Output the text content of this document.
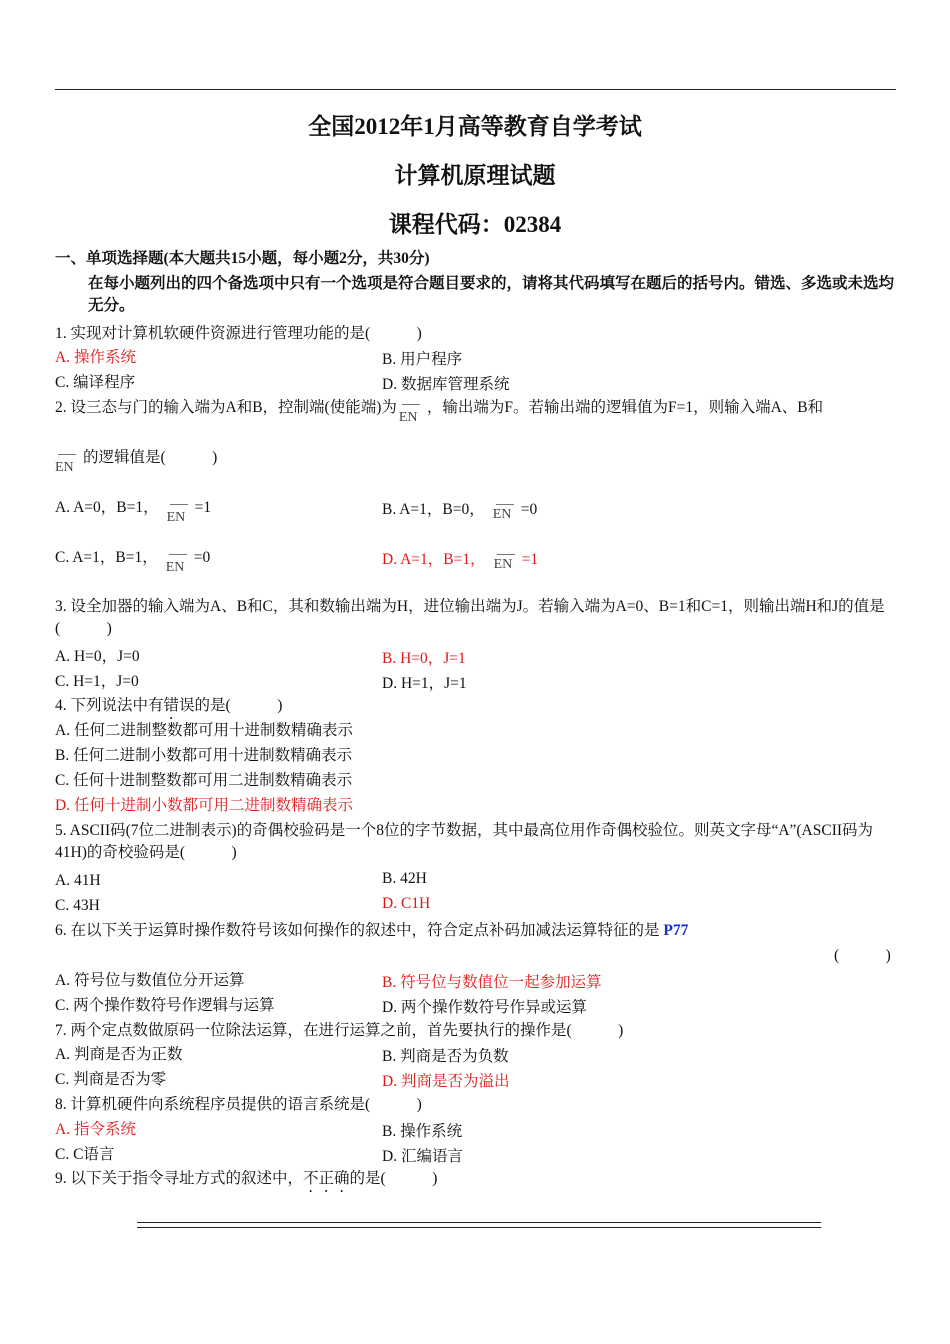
全国2012年1月高等教育自学考试
计算机原理试题
课程代码：02384
一、单项选择题(本大题共15小题，每小题2分，共30分)
在每小题列出的四个备选项中只有一个选项是符合题目要求的，请将其代码填写在题后的括号内。错选、多选或未选均无分。
1. 实现对计算机软硬件资源进行管理功能的是(　　　)
A. 操作系统	B. 用户程序
C. 编译程序	D. 数据库管理系统
2. 设三态与门的输入端为A和B，控制端(使能端)为
EN
，输出端为F。若输出端的逻辑值为F=1，则输入端A、B和
EN
的逻辑值是(　　　)
A. A=0，B=1，
EN
=1	B. A=1，B=0， EN =0
C. A=1，B=1，
EN
=0	D. A=1，B=1， EN =1
3. 设全加器的输入端为A、B和C，其和数输出端为H，进位输出端为J。若输入端为A=0、B=1和C=1，则输出端H和J的值是(　　　)
A. H=0，J=0	B. H=0，J=1
C. H=1，J=0	D. H=1，J=1
4. 下列说法中有错误的是(　　　)
A. 任何二进制整数都可用十进制数精确表示
B. 任何二进制小数都可用十进制数精确表示
C. 任何十进制整数都可用二进制数精确表示
D. 任何十进制小数都可用二进制数精确表示
5. ASCII码(7位二进制表示)的奇偶校验码是一个8位的字节数据，其中最高位用作奇偶校验位。则英文字母“A”(ASCII码为41H)的奇校验码是(　　　)
A. 41H	B. 42H
C. 43H	D. C1H
6. 在以下关于运算时操作数符号该如何操作的叙述中，符合定点补码加减法运算特征的是 P77
(　　　)
A. 符号位与数值位分开运算	B. 符号位与数值位一起参加运算
C. 两个操作数符号作逻辑与运算	D. 两个操作数符号作异或运算
7. 两个定点数做原码一位除法运算，在进行运算之前，首先要执行的操作是(　　　)
A. 判商是否为正数	B. 判商是否为负数
C. 判商是否为零	D. 判商是否为溢出
8. 计算机硬件向系统程序员提供的语言系统是(　　　)
A. 指令系统	B. 操作系统
C. C语言	D. 汇编语言
9. 以下关于指令寻址方式的叙述中，不正确的是(　　　)
